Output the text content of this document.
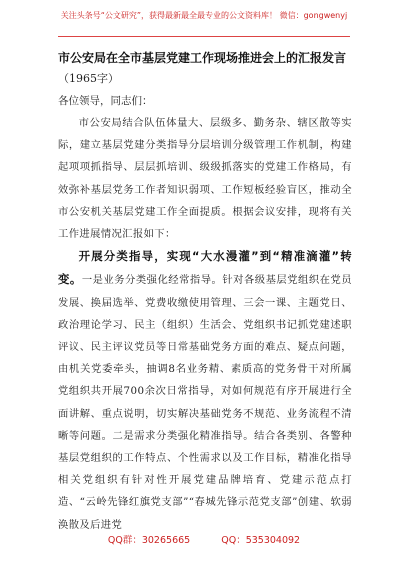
关注头条号“公文研究”，获得最新最全最专业的公文资料库！ 微信：gongwenyj

市公安局在全市基层党建工作现场推进会上的汇报发言

（1965字）

各位领导，同志们：

市公安局结合队伍体量大、层级多、勤务杂、辖区散等实际，建立基层党建分类指导分层培训分级管理工作机制，构建起项项抓指导、层层抓培训、级级抓落实的党建工作格局，有效弥补基层党务工作者知识弱项、工作短板经验盲区，推动全市公安机关基层党建工作全面提质。根据会议安排，现将有关工作进展情况汇报如下：

开展分类指导，实现“大水漫灌”到“精准滴灌”转变。一是业务分类强化经常指导。针对各级基层党组织在党员发展、换届选举、党费收缴使用管理、三会一课、主题党日、政治理论学习、民主（组织）生活会、党组织书记抓党建述职评议、民主评议党员等日常基础党务方面的难点、疑点问题，由机关党委牵头，抽调8名业务精、素质高的党务骨干对所属党组织共开展700余次日常指导，对如何规范有序开展进行全面讲解、重点说明，切实解决基础党务不规范、业务流程不清晰等问题。二是需求分类强化精准指导。结合各类别、各警种基层党组织的工作特点、个性需求以及工作目标，精准化指导相关党组织有针对性开展党建品牌培育、党建示范点打造、“云岭先锋红旗党支部”“春城先锋示范党支部”创建、软弱涣散及后进党

QQ群：30265665	QQ：535304092
